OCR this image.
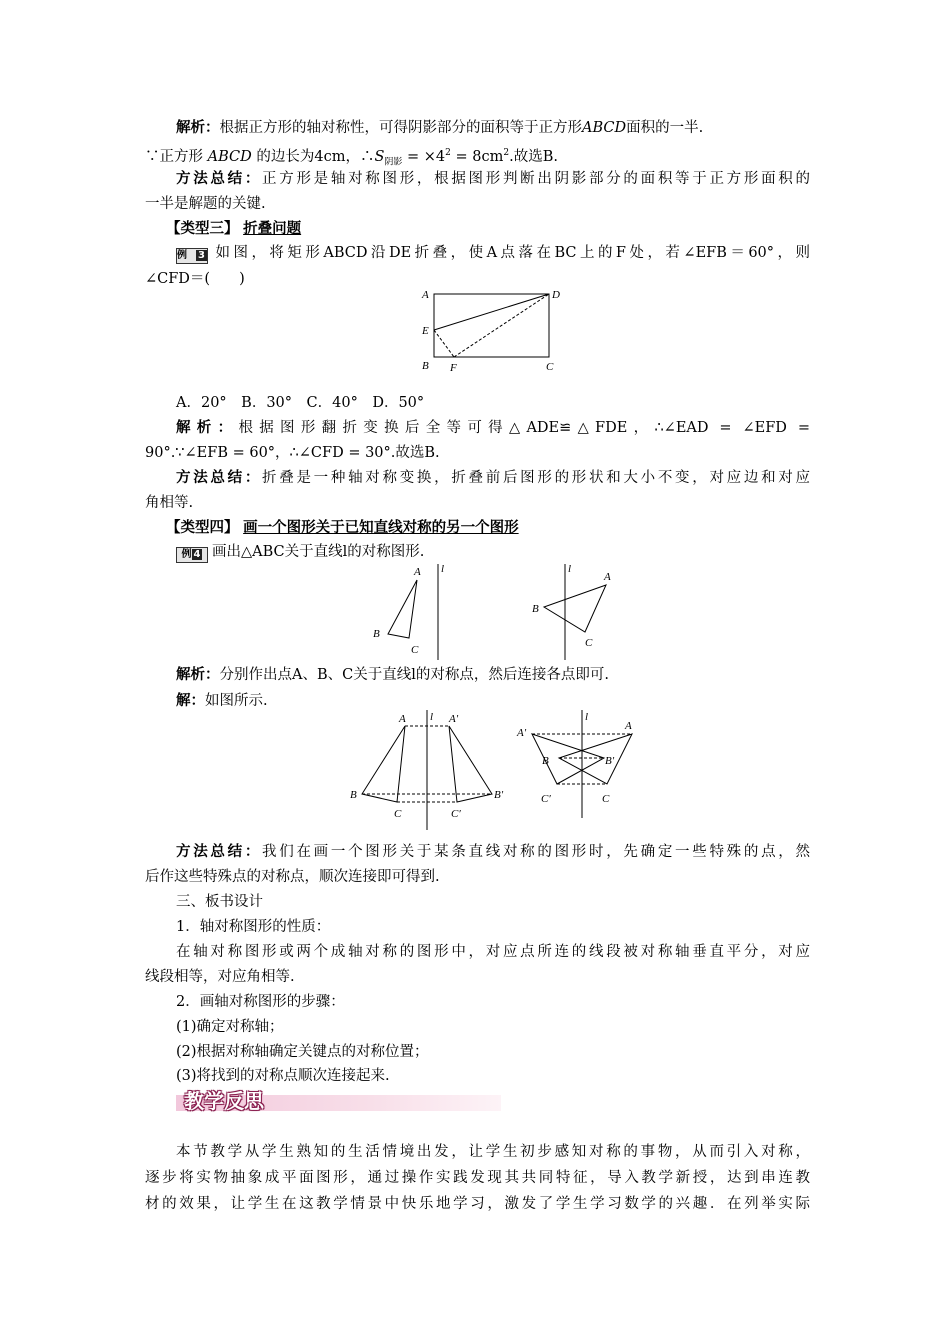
解析：根据正方形的轴对称性，可得阴影部分的面积等于正方形ABCD面积的一半.
∵正方形 ABCD 的边长为4cm，$\therefore S_{阴影} = \times 4^2 = 8cm^2$.故选B.
方法总结：正方形是轴对称图形，根据图形判断出阴影部分的面积等于正方形面积的
一半是解题的关键.
【类型三】 折叠问题
例 3 如图，将矩形ABCD沿DE折叠，使A点落在BC上的F处，若∠EFB＝60°，则
∠CFD＝(　　)
A	D
E
B F	C
A．20°　B．30°　C．40°　D．50°
解析：根据图形翻折变换后全等可得△ADE≌△FDE，∴∠EAD = ∠EFD =
90°.∵∠EFB = 60°，∴∠CFD = 30°.故选B.
方法总结：折叠是一种轴对称变换，折叠前后图形的形状和大小不变，对应边和对应
角相等.
【类型四】 画一个图形关于已知直线对称的另一个图形
例 4 画出△ABC关于直线l的对称图形.
A
B
C
l
A
B
C
l
解析：分别作出点A、B、C关于直线l的对称点，然后连接各点即可.
解：如图所示.
A	A′
B	B′
C	C′
l
A
A′
B	B′
C
C′
l
方法总结：我们在画一个图形关于某条直线对称的图形时，先确定一些特殊的点，然
后作这些特殊点的对称点，顺次连接即可得到.
三、板书设计
1．轴对称图形的性质：
在轴对称图形或两个成轴对称的图形中，对应点所连的线段被对称轴垂直平分，对应
线段相等，对应角相等.
2．画轴对称图形的步骤：
(1)确定对称轴；
(2)根据对称轴确定关键点的对称位置；
(3)将找到的对称点顺次连接起来.
教学反思
本节教学从学生熟知的生活情境出发，让学生初步感知对称的事物，从而引入对称，
逐步将实物抽象成平面图形，通过操作实践发现其共同特征，导入教学新授，达到串连教
材的效果，让学生在这教学情景中快乐地学习，激发了学生学习数学的兴趣．在列举实际
